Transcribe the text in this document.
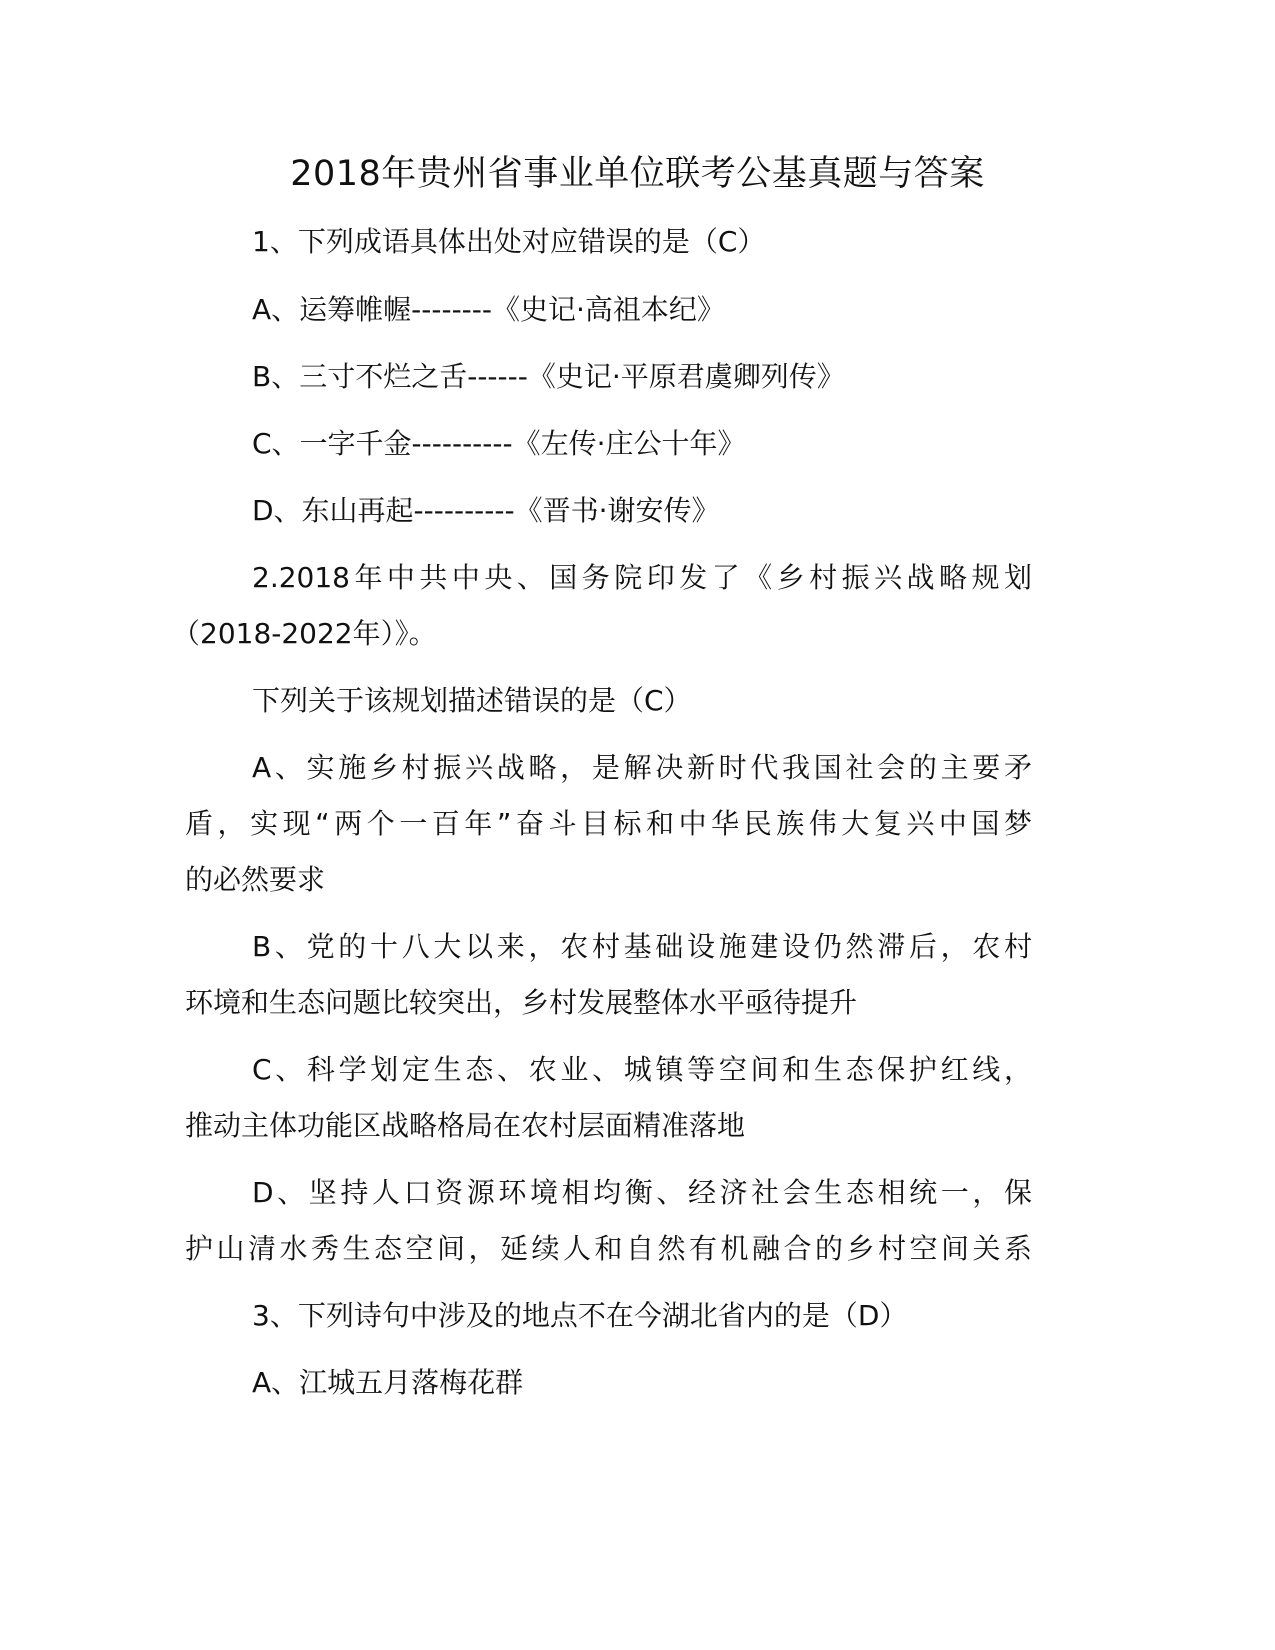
2018年贵州省事业单位联考公基真题与答案

1、下列成语具体出处对应错误的是（C）

A、运筹帷幄--------《史记·高祖本纪》

B、三寸不烂之舌------《史记·平原君虞卿列传》

C、一字千金----------《左传·庄公十年》

D、东山再起----------《晋书·谢安传》

2.2018年中共中央、国务院印发了《乡村振兴战略规划

（2018-2022年）》。

下列关于该规划描述错误的是（C）

A、实施乡村振兴战略，是解决新时代我国社会的主要矛

盾，实现“两个一百年”奋斗目标和中华民族伟大复兴中国梦

的必然要求

B、党的十八大以来，农村基础设施建设仍然滞后，农村

环境和生态问题比较突出，乡村发展整体水平亟待提升

C、科学划定生态、农业、城镇等空间和生态保护红线，

推动主体功能区战略格局在农村层面精准落地

D、坚持人口资源环境相均衡、经济社会生态相统一，保

护山清水秀生态空间，延续人和自然有机融合的乡村空间关系

3、下列诗句中涉及的地点不在今湖北省内的是（D）

A、江城五月落梅花群
